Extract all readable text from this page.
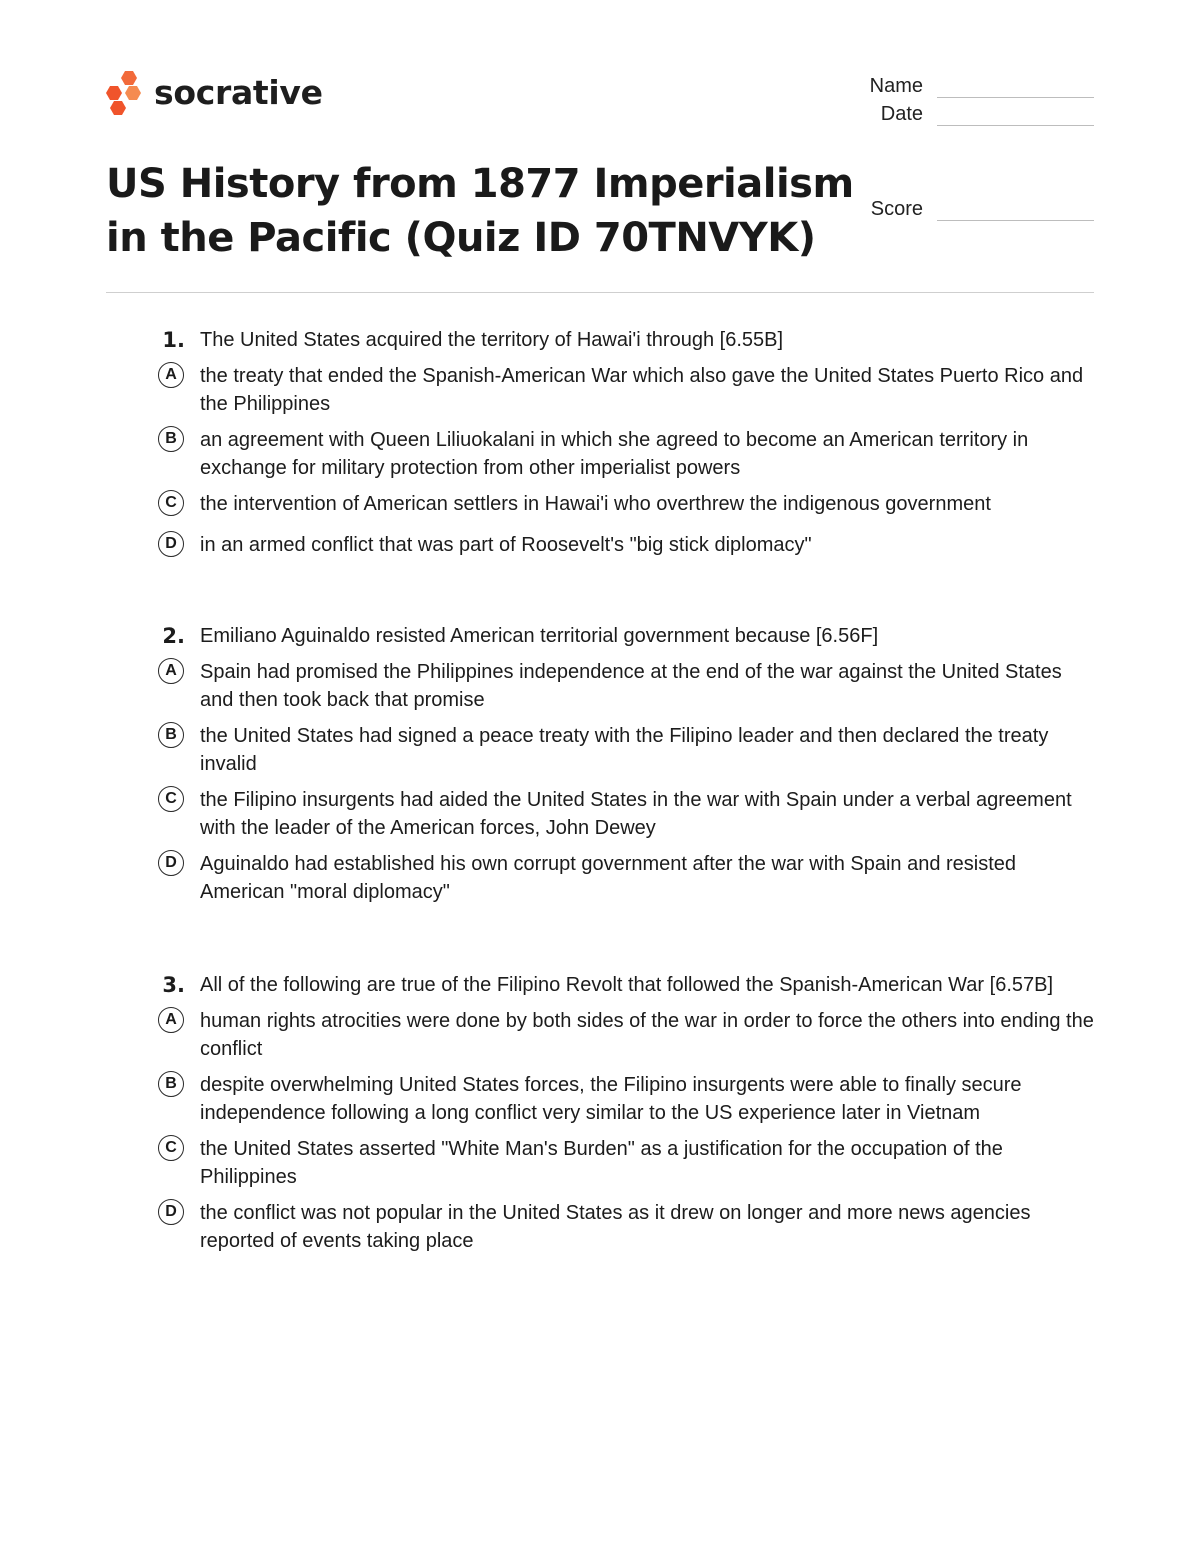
socrative	Name
Date
Score
US History from 1877 Imperialism in the Pacific (Quiz ID 70TNVYK)
1. The United States acquired the territory of Hawai'i through [6.55B]
A	the treaty that ended the Spanish-American War which also gave the United States Puerto Rico and the Philippines
B	an agreement with Queen Liliuokalani in which she agreed to become an American territory in exchange for military protection from other imperialist powers
C	the intervention of American settlers in Hawai'i who overthrew the indigenous government
D	in an armed conflict that was part of Roosevelt's "big stick diplomacy"
2. Emiliano Aguinaldo resisted American territorial government because [6.56F]
A	Spain had promised the Philippines independence at the end of the war against the United States and then took back that promise
B	the United States had signed a peace treaty with the Filipino leader and then declared the treaty invalid
C	the Filipino insurgents had aided the United States in the war with Spain under a verbal agreement with the leader of the American forces, John Dewey
D	Aguinaldo had established his own corrupt government after the war with Spain and resisted American "moral diplomacy"
3. All of the following are true of the Filipino Revolt that followed the Spanish-American War [6.57B]
A	human rights atrocities were done by both sides of the war in order to force the others into ending the conflict
B	despite overwhelming United States forces, the Filipino insurgents were able to finally secure independence following a long conflict very similar to the US experience later in Vietnam
C	the United States asserted "White Man's Burden" as a justification for the occupation of the Philippines
D	the conflict was not popular in the United States as it drew on longer and more news agencies reported of events taking place
